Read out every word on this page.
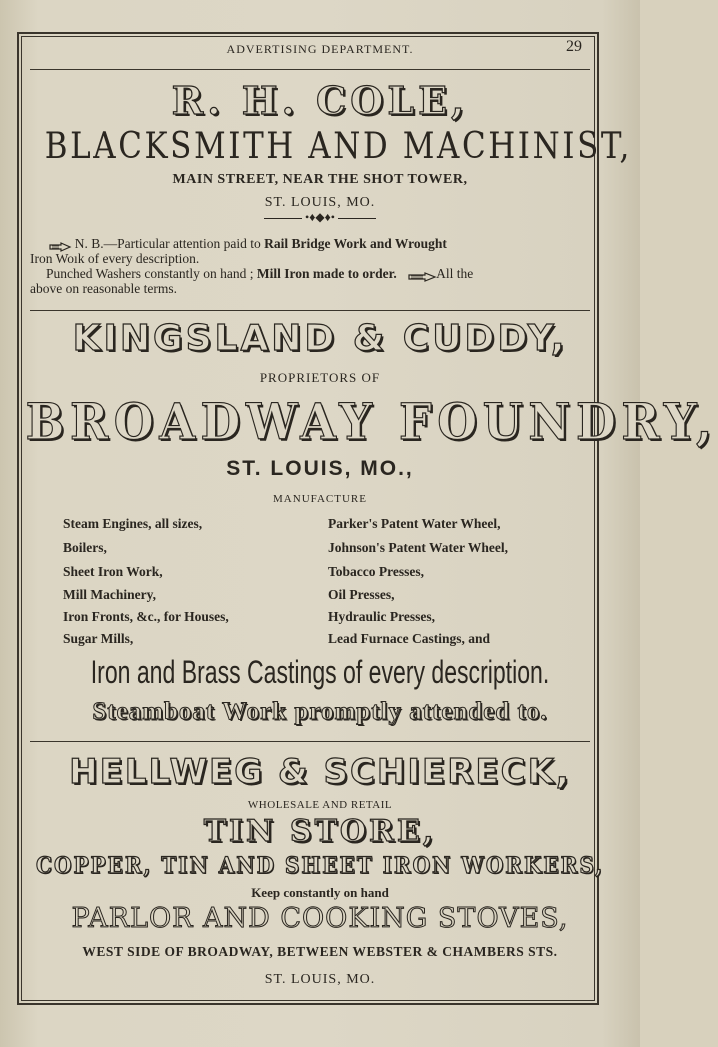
ADVERTISING DEPARTMENT.	29
R. H. COLE,
BLACKSMITH AND MACHINIST,
MAIN STREET, NEAR THE SHOT TOWER,
ST. LOUIS, MO.
•♦◆♦•
N. B.—Particular attention paid to Rail Bridge Work and Wrought
Iron Woık of every description.
Punched Washers constantly on hand ; Mill Iron made to order.	All the
above on reasonable terms.
KINGSLAND & CUDDY,
PROPRIETORS OF
BROADWAY FOUNDRY,
ST. LOUIS, MO.,
MANUFACTURE
Steam Engines, all sizes,
Boilers,
Sheet Iron Work,
Mill Machinery,
Iron Fronts, &c., for Houses,
Sugar Mills,
Parker's Patent Water Wheel,
Johnson's Patent Water Wheel,
Tobacco Presses,
Oil Presses,
Hydraulic Presses,
Lead Furnace Castings, and
Iron and Brass Castings of every description.
Steamboat Work promptly attended to.
HELLWEG & SCHIERECK,
WHOLESALE AND RETAIL
TIN STORE,
COPPER, TIN AND SHEET IRON WORKERS,
Keep constantly on hand
PARLOR AND COOKING STOVES,
WEST SIDE OF BROADWAY, BETWEEN WEBSTER & CHAMBERS STS.
ST. LOUIS, MO.
